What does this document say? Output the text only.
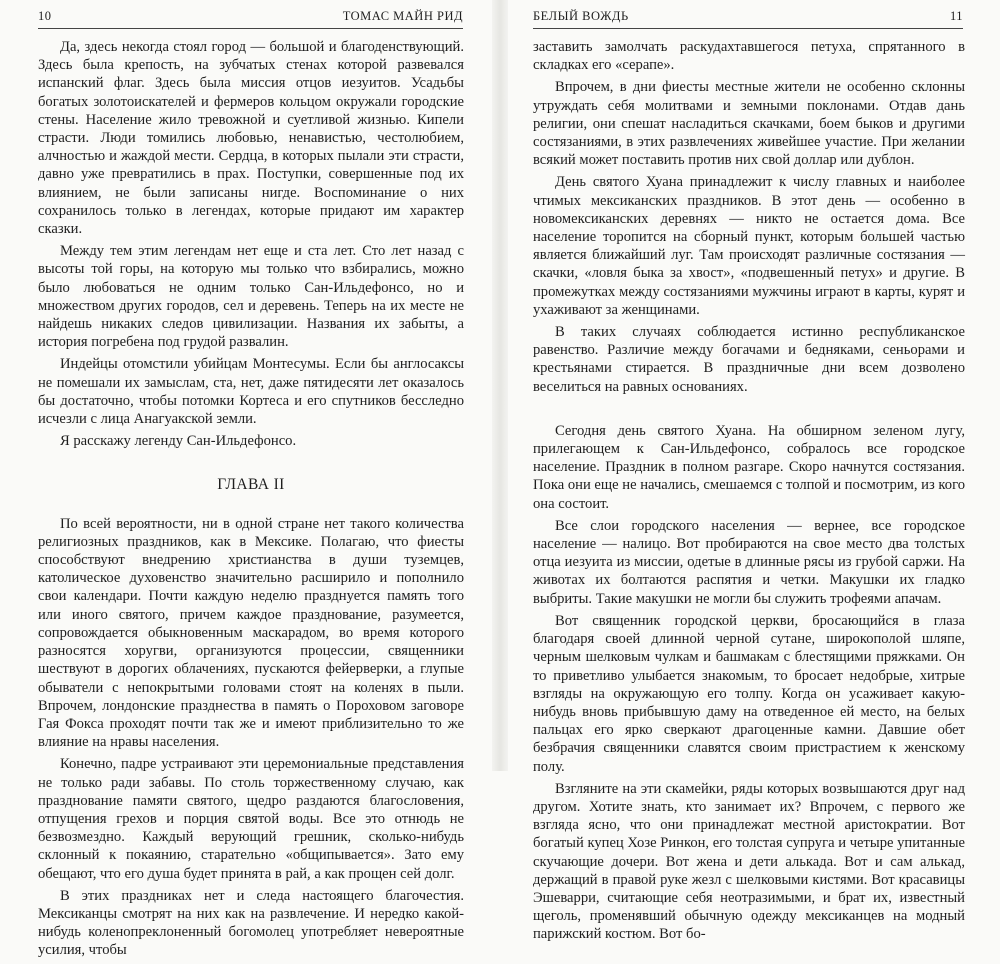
10	ТОМАС МАЙН РИД

Да, здесь некогда стоял город — большой и благоденствующий. Здесь была крепость, на зубчатых стенах которой развевался испанский флаг. Здесь была миссия отцов иезуитов. Усадьбы богатых золотоискателей и фермеров кольцом окружали городские стены. Население жило тревожной и суетливой жизнью. Кипели страсти. Люди томились любовью, ненавистью, честолюбием, алчностью и жаждой мести. Сердца, в которых пылали эти страсти, давно уже превратились в прах. Поступки, совершенные под их влиянием, не были записаны нигде. Воспоминание о них сохранилось только в легендах, которые придают им характер сказки.

Между тем этим легендам нет еще и ста лет. Сто лет назад с высоты той горы, на которую мы только что взбирались, можно было любоваться не одним только Сан-Ильдефонсо, но и множеством других городов, сел и деревень. Теперь на их месте не найдешь никаких следов цивилизации. Названия их забыты, а история погребена под грудой развалин.

Индейцы отомстили убийцам Монтесумы. Если бы англосаксы не помешали их замыслам, ста, нет, даже пятидесяти лет оказалось бы достаточно, чтобы потомки Кортеса и его спутников бесследно исчезли с лица Анагуакской земли.

Я расскажу легенду Сан-Ильдефонсо.

ГЛАВА II

По всей вероятности, ни в одной стране нет такого количества религиозных праздников, как в Мексике. Полагаю, что фиесты способствуют внедрению христианства в души туземцев, католическое духовенство значительно расширило и пополнило свои календари. Почти каждую неделю празднуется память того или иного святого, причем каждое празднование, разумеется, сопровождается обыкновенным маскарадом, во время которого разносятся хоругви, организуются процессии, священники шествуют в дорогих облачениях, пускаются фейерверки, а глупые обыватели с непокрытыми головами стоят на коленях в пыли. Впрочем, лондонские празднества в память о Пороховом заговоре Гая Фокса проходят почти так же и имеют приблизительно то же влияние на нравы населения.

Конечно, падре устраивают эти церемониальные представления не только ради забавы. По столь торжественному случаю, как празднование памяти святого, щедро раздаются благословения, отпущения грехов и порция святой воды. Все это отнюдь не безвозмездно. Каждый верующий грешник, сколько-нибудь склонный к покаянию, старательно «общипывается». Зато ему обещают, что его душа будет принята в рай, а как прощен сей долг.

В этих праздниках нет и следа настоящего благочестия. Мексиканцы смотрят на них как на развлечение. И нередко какой-нибудь коленопреклоненный богомолец употребляет невероятные усилия, чтобы

БЕЛЫЙ ВОЖДЬ	11

заставить замолчать раскудахтавшегося петуха, спрятанного в складках его «серапе».

Впрочем, в дни фиесты местные жители не особенно склонны утруждать себя молитвами и земными поклонами. Отдав дань религии, они спешат насладиться скачками, боем быков и другими состязаниями, в этих развлечениях живейшее участие. При желании всякий может поставить против них свой доллар или дублон.

День святого Хуана принадлежит к числу главных и наиболее чтимых мексиканских праздников. В этот день — особенно в новомексиканских деревнях — никто не остается дома. Все население торопится на сборный пункт, которым большей частью является ближайший луг. Там происходят различные состязания — скачки, «ловля быка за хвост», «подвешенный петух» и другие. В промежутках между состязаниями мужчины играют в карты, курят и ухаживают за женщинами.

В таких случаях соблюдается истинно республиканское равенство. Различие между богачами и бедняками, сеньорами и крестьянами стирается. В праздничные дни всем дозволено веселиться на равных основаниях.

Сегодня день святого Хуана. На обширном зеленом лугу, прилегающем к Сан-Ильдефонсо, собралось все городское население. Праздник в полном разгаре. Скоро начнутся состязания. Пока они еще не начались, смешаемся с толпой и посмотрим, из кого она состоит.

Все слои городского населения — вернее, все городское население — налицо. Вот пробираются на свое место два толстых отца иезуита из миссии, одетые в длинные рясы из грубой саржи. На животах их болтаются распятия и четки. Макушки их гладко выбриты. Такие макушки не могли бы служить трофеями апачам.

Вот священник городской церкви, бросающийся в глаза благодаря своей длинной черной сутане, широкополой шляпе, черным шелковым чулкам и башмакам с блестящими пряжками. Он то приветливо улыбается знакомым, то бросает недобрые, хитрые взгляды на окружающую его толпу. Когда он усаживает какую-нибудь вновь прибывшую даму на отведенное ей место, на белых пальцах его ярко сверкают драгоценные камни. Давшие обет безбрачия священники славятся своим пристрастием к женскому полу.

Взгляните на эти скамейки, ряды которых возвышаются друг над другом. Хотите знать, кто занимает их? Впрочем, с первого же взгляда ясно, что они принадлежат местной аристократии. Вот богатый купец Хозе Ринкон, его толстая супруга и четыре упитанные скучающие дочери. Вот жена и дети алькада. Вот и сам алькад, держащий в правой руке жезл с шелковыми кистями. Вот красавицы Эшеварри, считающие себя неотразимыми, и брат их, известный щеголь, променявший обычную одежду мексиканцев на модный парижский костюм. Вот бо-
